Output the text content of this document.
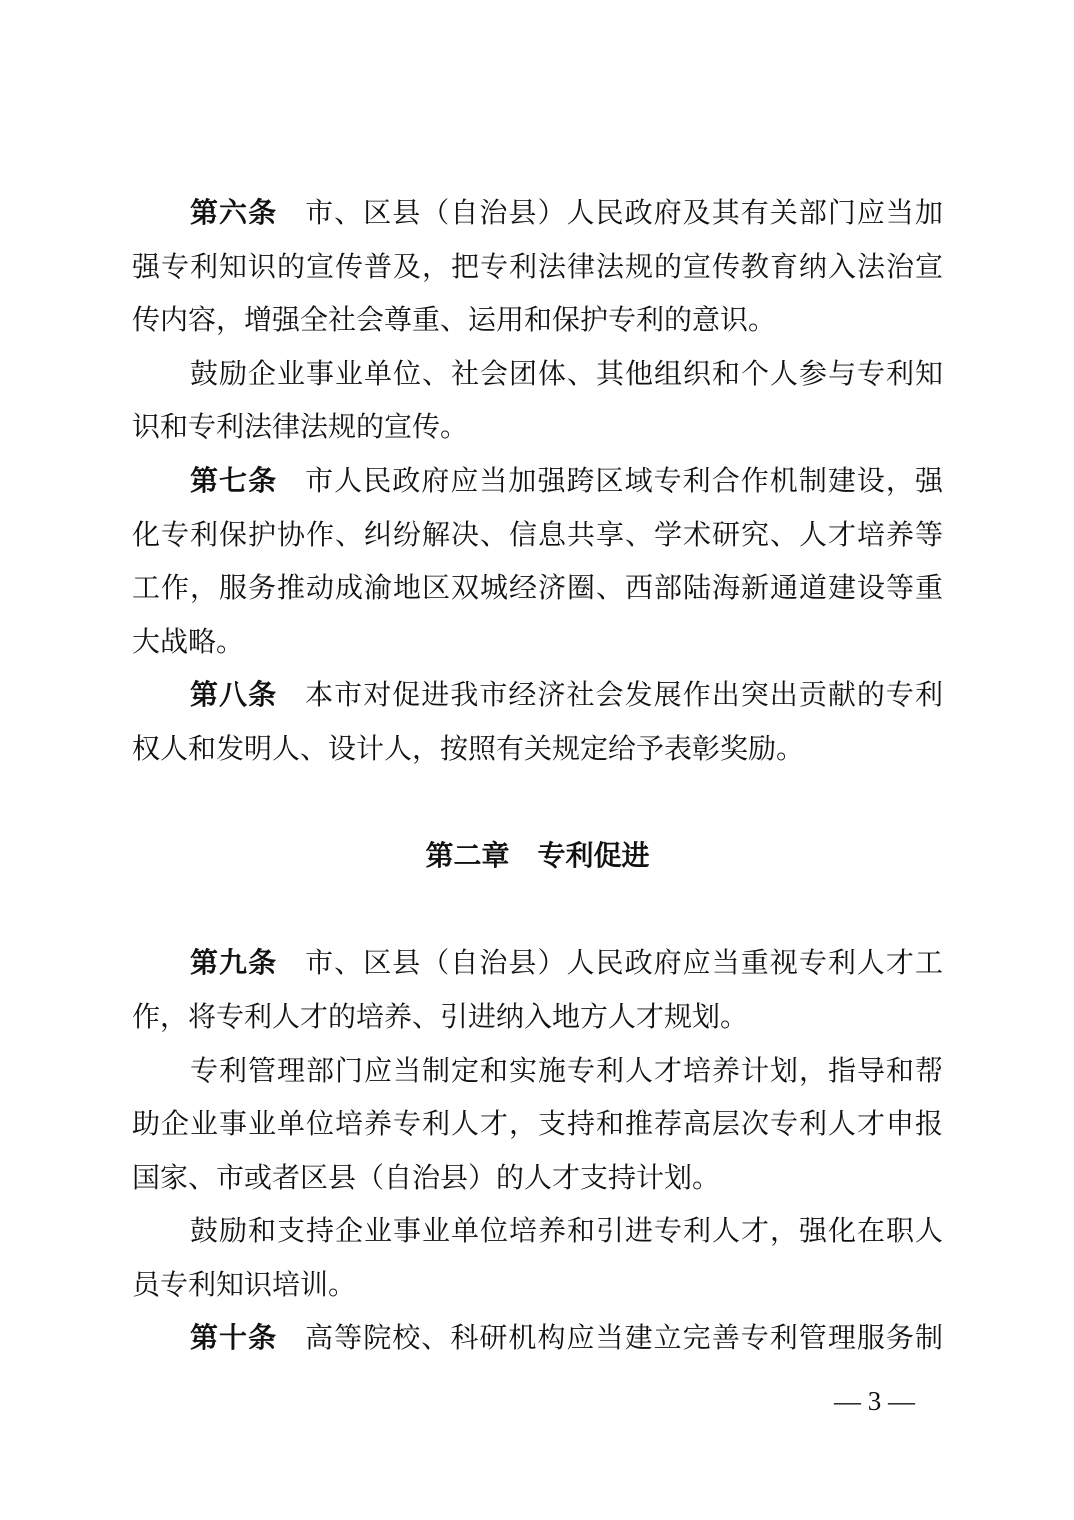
第六条 市、区县（自治县）人民政府及其有关部门应当加
强专利知识的宣传普及，把专利法律法规的宣传教育纳入法治宣
传内容，增强全社会尊重、运用和保护专利的意识。
鼓励企业事业单位、社会团体、其他组织和个人参与专利知
识和专利法律法规的宣传。
第七条 市人民政府应当加强跨区域专利合作机制建设，强
化专利保护协作、纠纷解决、信息共享、学术研究、人才培养等
工作，服务推动成渝地区双城经济圈、西部陆海新通道建设等重
大战略。
第八条 本市对促进我市经济社会发展作出突出贡献的专利
权人和发明人、设计人，按照有关规定给予表彰奖励。
第二章　专利促进
第九条 市、区县（自治县）人民政府应当重视专利人才工
作，将专利人才的培养、引进纳入地方人才规划。
专利管理部门应当制定和实施专利人才培养计划，指导和帮
助企业事业单位培养专利人才，支持和推荐高层次专利人才申报
国家、市或者区县（自治县）的人才支持计划。
鼓励和支持企业事业单位培养和引进专利人才，强化在职人
员专利知识培训。
第十条 高等院校、科研机构应当建立完善专利管理服务制
— 3 —
